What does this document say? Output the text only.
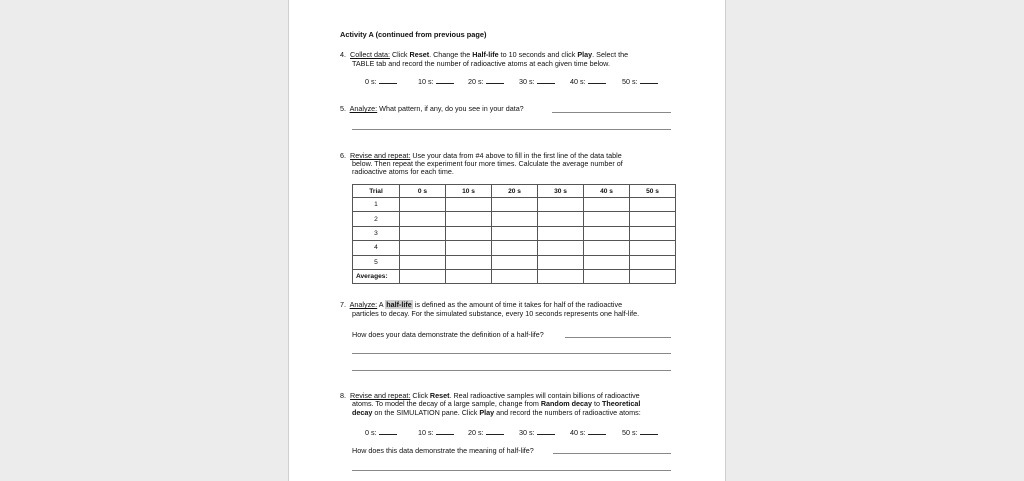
Activity A (continued from previous page)
4. Collect data: Click Reset. Change the Half-life to 10 seconds and click Play. Select the
TABLE tab and record the number of radioactive atoms at each given time below.
0 s:	10 s:	20 s:	30 s:	40 s:	50 s:
5. Analyze: What pattern, if any, do you see in your data?
6. Revise and repeat: Use your data from #4 above to fill in the first line of the data table
below. Then repeat the experiment four more times. Calculate the average number of
radioactive atoms for each time.
Trial	0 s	10 s	20 s	30 s	40 s	50 s
1						
2						
3						
4						
5						
Averages:						
7. Analyze: A half-life is defined as the amount of time it takes for half of the radioactive
particles to decay. For the simulated substance, every 10 seconds represents one half-life.
How does your data demonstrate the definition of a half-life?
8. Revise and repeat: Click Reset. Real radioactive samples will contain billions of radioactive
atoms. To model the decay of a large sample, change from Random decay to Theoretical
decay on the SIMULATION pane. Click Play and record the numbers of radioactive atoms:
0 s:	10 s:	20 s:	30 s:	40 s:	50 s:
How does this data demonstrate the meaning of half-life?
